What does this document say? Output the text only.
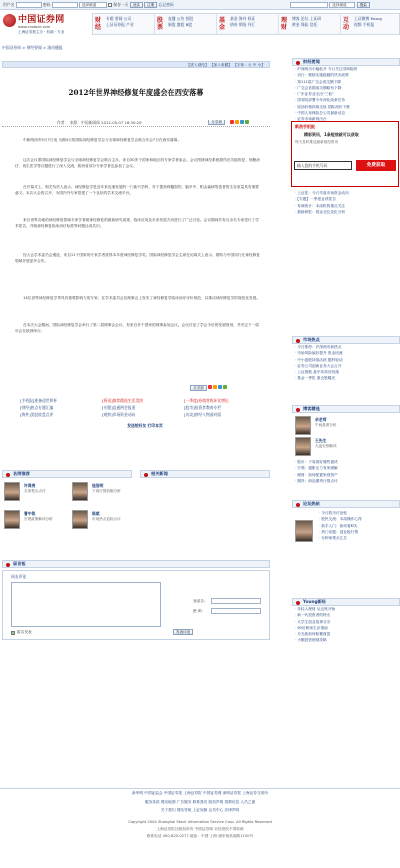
用户名	密码	选择频道	保存一天 登录 注册 忘记密码	选择频道	搜索
中国证券网
www.cnstock.com
上海证券报主办 · 权威 · 专业
财经
专题 要闻 公司
上证证券报 产业
股票
直播 公告 招股
新股 港股 B股
基金
基金 海外 权证
债券 期货 外汇
理财
博客 论坛 上证研
黄金 保险 信托
互动
上证微博 Young
视频 手机报
中国证券网 > 财经要闻 > 滚动播报
【进入财经】 【加入收藏】 【字体：大 中 小】
2012年世界神经修复年度盛会在西安落幕
作者： 来源：中国新闻网 2012-05-07 16:30:29	分享到
中新网西安5月7日电 为期4天的国际神经修复学会与全球神经修复学会联合年会7日在西安落幕。
这次会议系国际神经修复学会与全球神经修复学会联合主办，来自30多个国家和地区的专家学者参会。会议围绕神经系统损伤后功能恢复、细胞治疗、再生医学等议题进行了深入交流，陕西省部分专家学者也参加了会议。
在开幕式上，相关负责人表示，神经修复学是近年来迅速发展的一门新兴学科，对于提高脊髓损伤、脑卒中、帕金森病等患者的生存质量具有重要意义。本次大会的召开，为国内外专家搭建了一个良好的学术交流平台。
来自世界各地的神经修复领域专家学者就神经修复的最新研究成果、临床应用及未来发展方向进行了广泛讨论。会议期间共有百余名专家进行了学术报告，并就神经修复临床治疗标准等问题达成共识。
经大会学术委员会遴选，来自11个国家的专家学者获得本年度神经修复学奖。国际神经修复学会主席在闭幕式上表示，期待与中国同行在神经修复领域开展更多合作。
14位世界神经修复学界具有重要影响力的专家，在学术委员会及理事会上发布了神经修复学临床治疗评价规范，以推动神经修复学的规范化发展。
在本次大会期间，国际神经修复学会举行了第二届理事会会议，有来自多个国家的理事参加会议。会议讨论了学会今后的发展规划，并决定下一届年会在欧洲举行。
分享到
[手机报]准备迎世界杯	[资讯]推荐精选生活美图	[一季度]券商营收环比增长
[财经]热点专题汇编	[专题]直通两会报道	[股市]投资者教育专栏
[海外]美股收盘点评	[观察]市场资金动向	[访谈]财经人物面对面
发送给好友 打印本页
名师推荐	相关新闻
许鸿亮
名家观点点评
桂浩明
下周行情前瞻分析
曹中铭
宏观政策解读分析
陈斌
市场热点追踪点评
留言板
网友评论
登录名：
密 码：
匿名发表	发表评论
财经要闻
· 沪深两市小幅低开 今日关注券商板块
· 央行：继续实施稳健的货币政策
· 第111届广交会成交额下降
· 广交会首期成交额略有下降
· 广东证券业走出"三低"
· 国务院部署今年深化改革任务
· 原油价格持续走低 国际油价下跌
· 中国人寿保险总公司最新动态
· 证券市场新规出台
新浪手机报
精彩资讯，1条短信就可以获取
每天及时推送最新财经资讯
输入您的手机号码	免费获取
· 上证报：今日早盘市场资金动向
· 【专题】一季度业绩报告
· 券商统计：本周机构重点关注
· 最新研报：基金仓位变化分析
市场热点
· 今日涨停：沪深两市新热点
· 市场风险偏好提升 资金回流
· 中小盘股持续活跃 题材轮动
· 证券公司创新业务大会召开
· 上证指数 盘中冲高后回落
· 基金一季报 重仓股曝光
博客精选
余老师
午间盘面分析
王先生
大盘走势解读
· 股市：下周看好哪些板块
· 宏观：通胀压力有所缓解
· 理财：如何配置家庭资产
· 期货：商品期货行情点评
论坛热帖
· 今日股市讨论帖
· 股民交流：本周操作心得
· 新手入门：如何看K线
· 热门话题：创业板行情
· 分析师观点汇总
Young新经
· 年轻人理财 从记账开始
· 新一代投资者的特点
· 大学生创业故事分享
· 90后职场生存指南
· 月光族如何积累财富
· 小额投资理财攻略
新华网 中国证监会 中国证券报 上海证券报 中国证券网 深圳证券报 上海证券交易所
服务条款 网站地图 广告服务 联系我们 版权声明 招聘信息 人员之窗
关于我们 网站导航 上证视频 会员中心 法律声明
Copyright 2004 Shanghai Stock Information Service Corp. All Rights Reserved
上海证券报社版权所有 中国证券网 未经授权不得转载
联系电话 400-820-0277 地址：中国·上海 浦东杨高南路1100号
